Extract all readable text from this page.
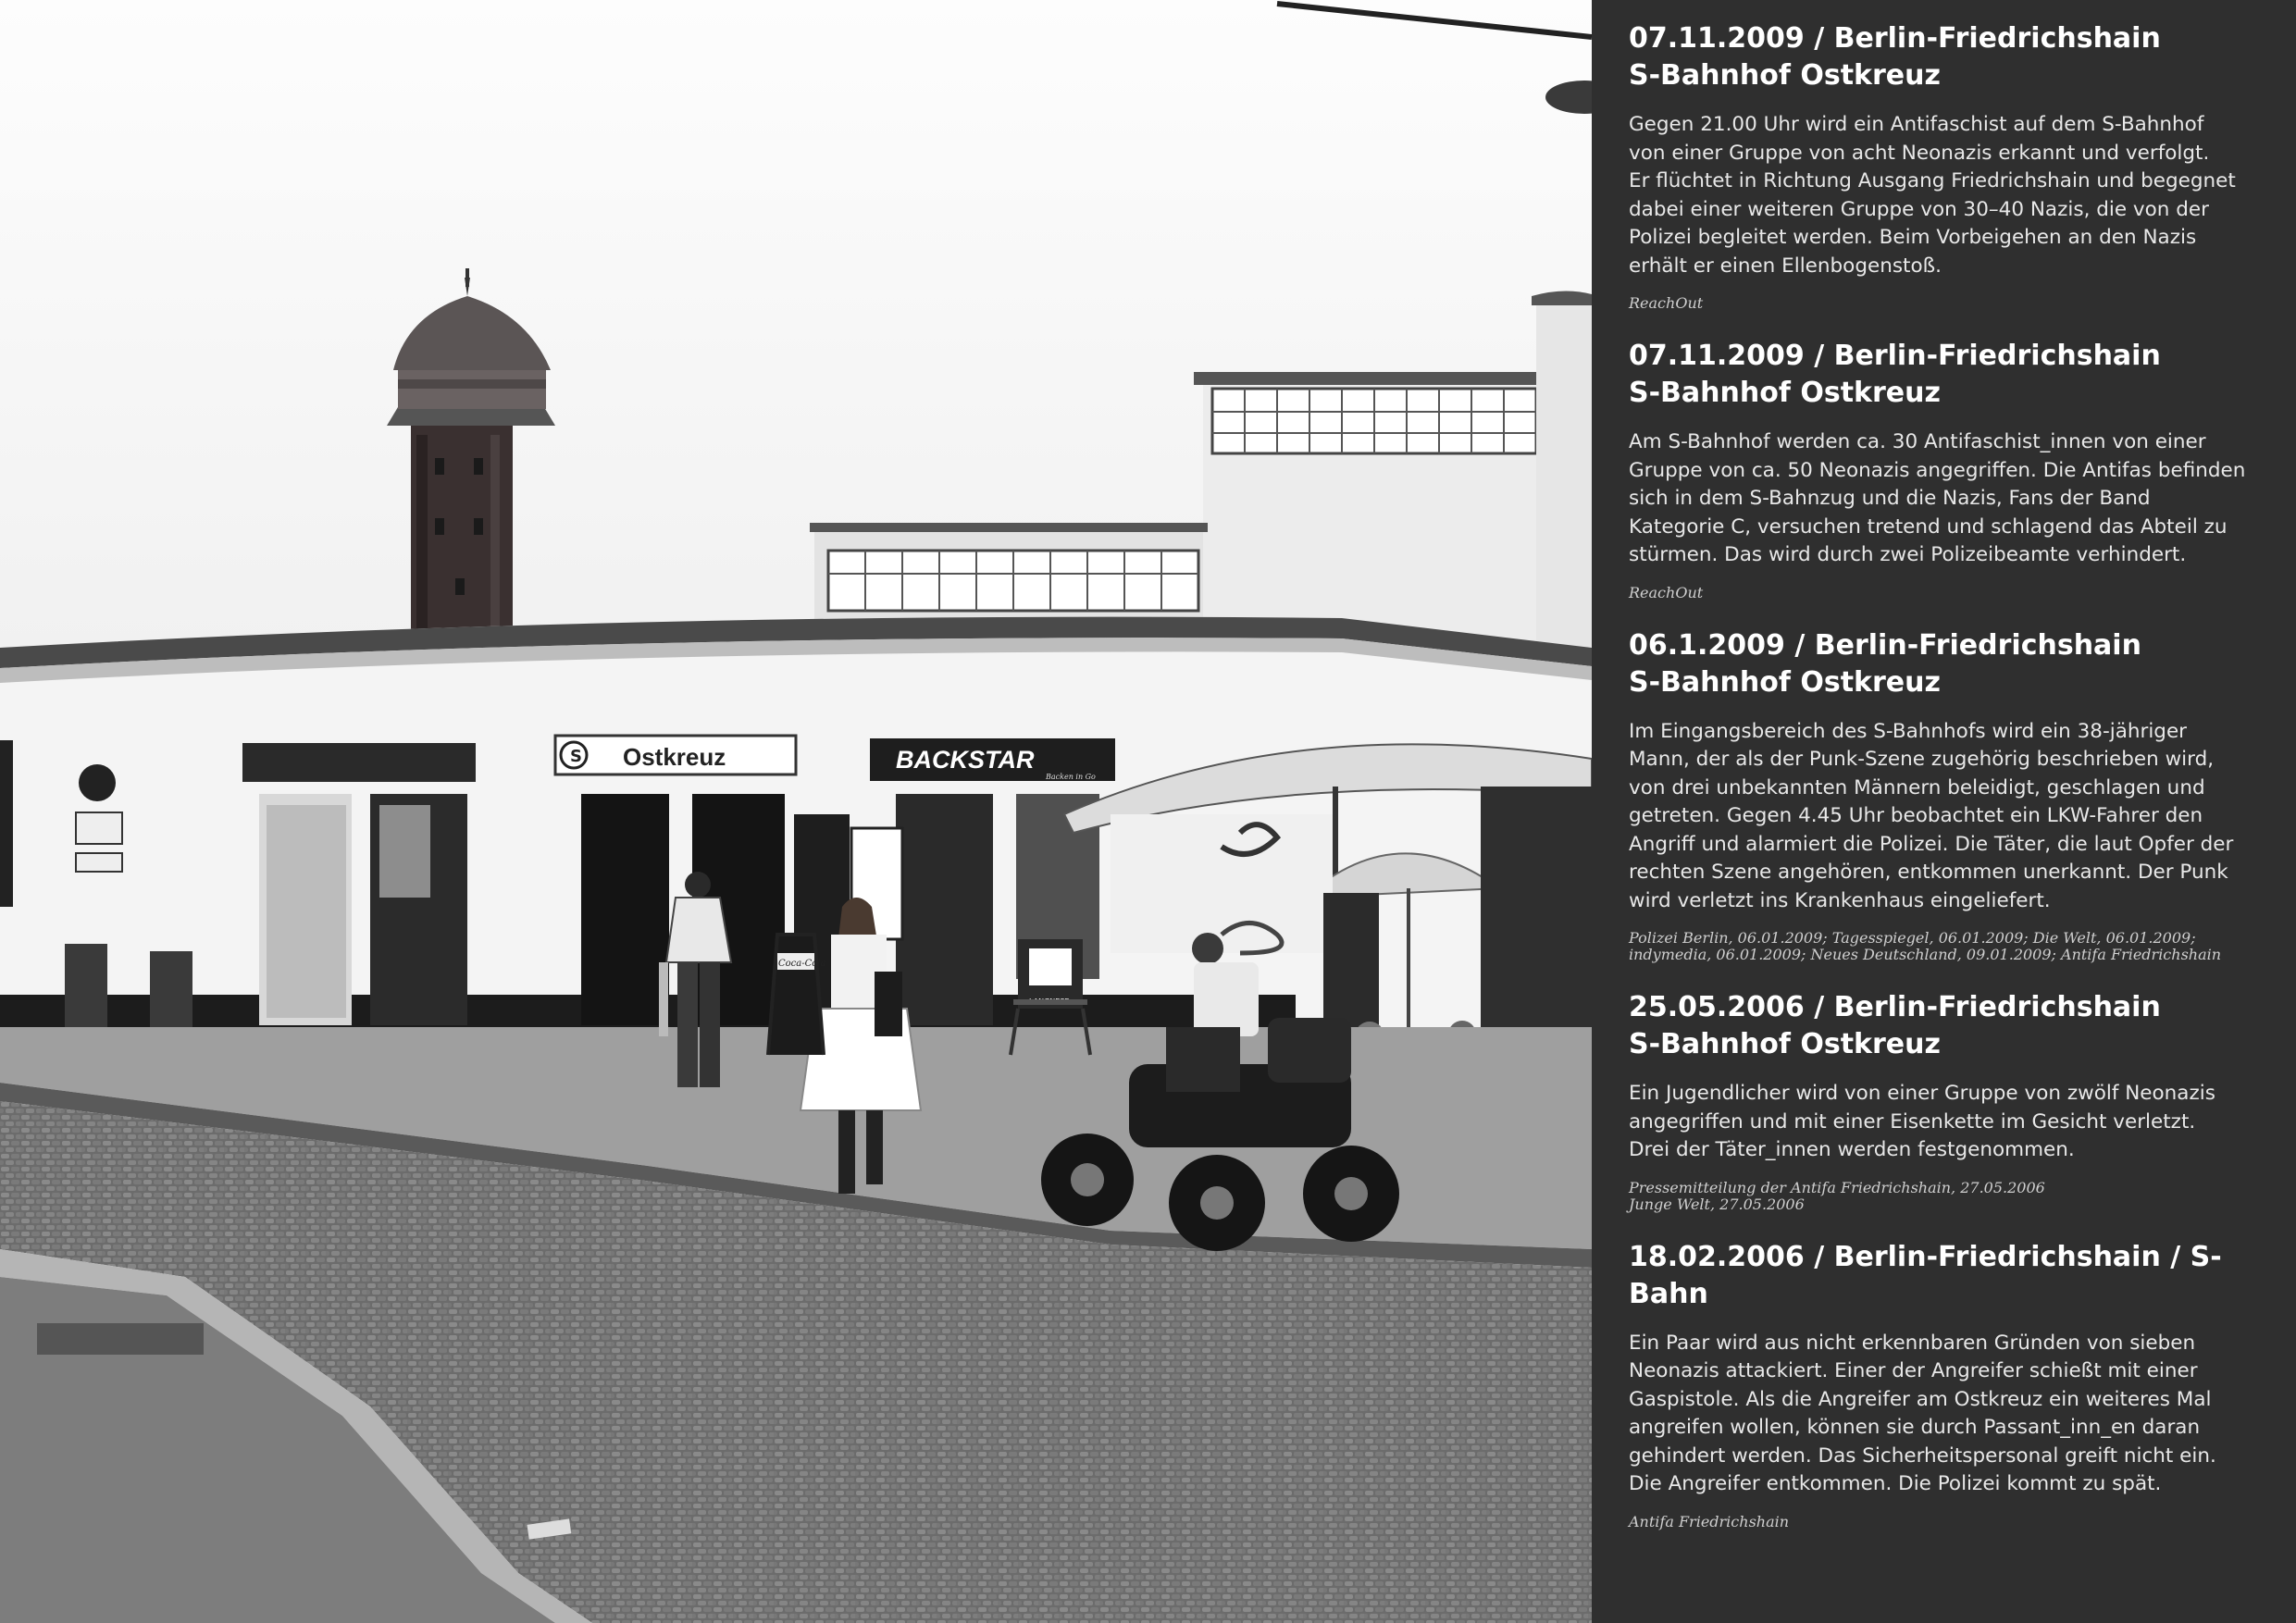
S Ostkreuz	BACKSTAR
Backen in Go
Coca-Cola
07.11.2009 / Berlin-Friedrichshain
S-Bahnhof Ostkreuz
Gegen 21.00 Uhr wird ein Antifaschist auf dem S-Bahnhof
von einer Gruppe von acht Neonazis erkannt und verfolgt.
Er flüchtet in Richtung Ausgang Friedrichshain und begegnet
dabei einer weiteren Gruppe von 30–40 Nazis, die von der
Polizei begleitet werden. Beim Vorbeigehen an den Nazis
erhält er einen Ellenbogenstoß.
ReachOut
07.11.2009 / Berlin-Friedrichshain
S-Bahnhof Ostkreuz
Am S-Bahnhof werden ca. 30 Antifaschist_innen von einer
Gruppe von ca. 50 Neonazis angegriffen. Die Antifas befinden
sich in dem S-Bahnzug und die Nazis, Fans der Band
Kategorie C, versuchen tretend und schlagend das Abteil zu
stürmen. Das wird durch zwei Polizeibeamte verhindert.
ReachOut
06.1.2009 / Berlin-Friedrichshain
S-Bahnhof Ostkreuz
Im Eingangsbereich des S-Bahnhofs wird ein 38-jähriger
Mann, der als der Punk-Szene zugehörig beschrieben wird,
von drei unbekannten Männern beleidigt, geschlagen und
getreten. Gegen 4.45 Uhr beobachtet ein LKW-Fahrer den
Angriff und alarmiert die Polizei. Die Täter, die laut Opfer der
rechten Szene angehören, entkommen unerkannt. Der Punk
wird verletzt ins Krankenhaus eingeliefert.
Polizei Berlin, 06.01.2009; Tagesspiegel, 06.01.2009; Die Welt, 06.01.2009;
indymedia, 06.01.2009; Neues Deutschland, 09.01.2009; Antifa Friedrichshain
25.05.2006 / Berlin-Friedrichshain
S-Bahnhof Ostkreuz
Ein Jugendlicher wird von einer Gruppe von zwölf Neonazis
angegriffen und mit einer Eisenkette im Gesicht verletzt.
Drei der Täter_innen werden festgenommen.
Pressemitteilung der Antifa Friedrichshain, 27.05.2006
Junge Welt, 27.05.2006
18.02.2006 / Berlin-Friedrichshain / S-Bahn
Ein Paar wird aus nicht erkennbaren Gründen von sieben
Neonazis attackiert. Einer der Angreifer schießt mit einer
Gaspistole. Als die Angreifer am Ostkreuz ein weiteres Mal
angreifen wollen, können sie durch Passant_inn_en daran
gehindert werden. Das Sicherheitspersonal greift nicht ein.
Die Angreifer entkommen. Die Polizei kommt zu spät.
Antifa Friedrichshain
